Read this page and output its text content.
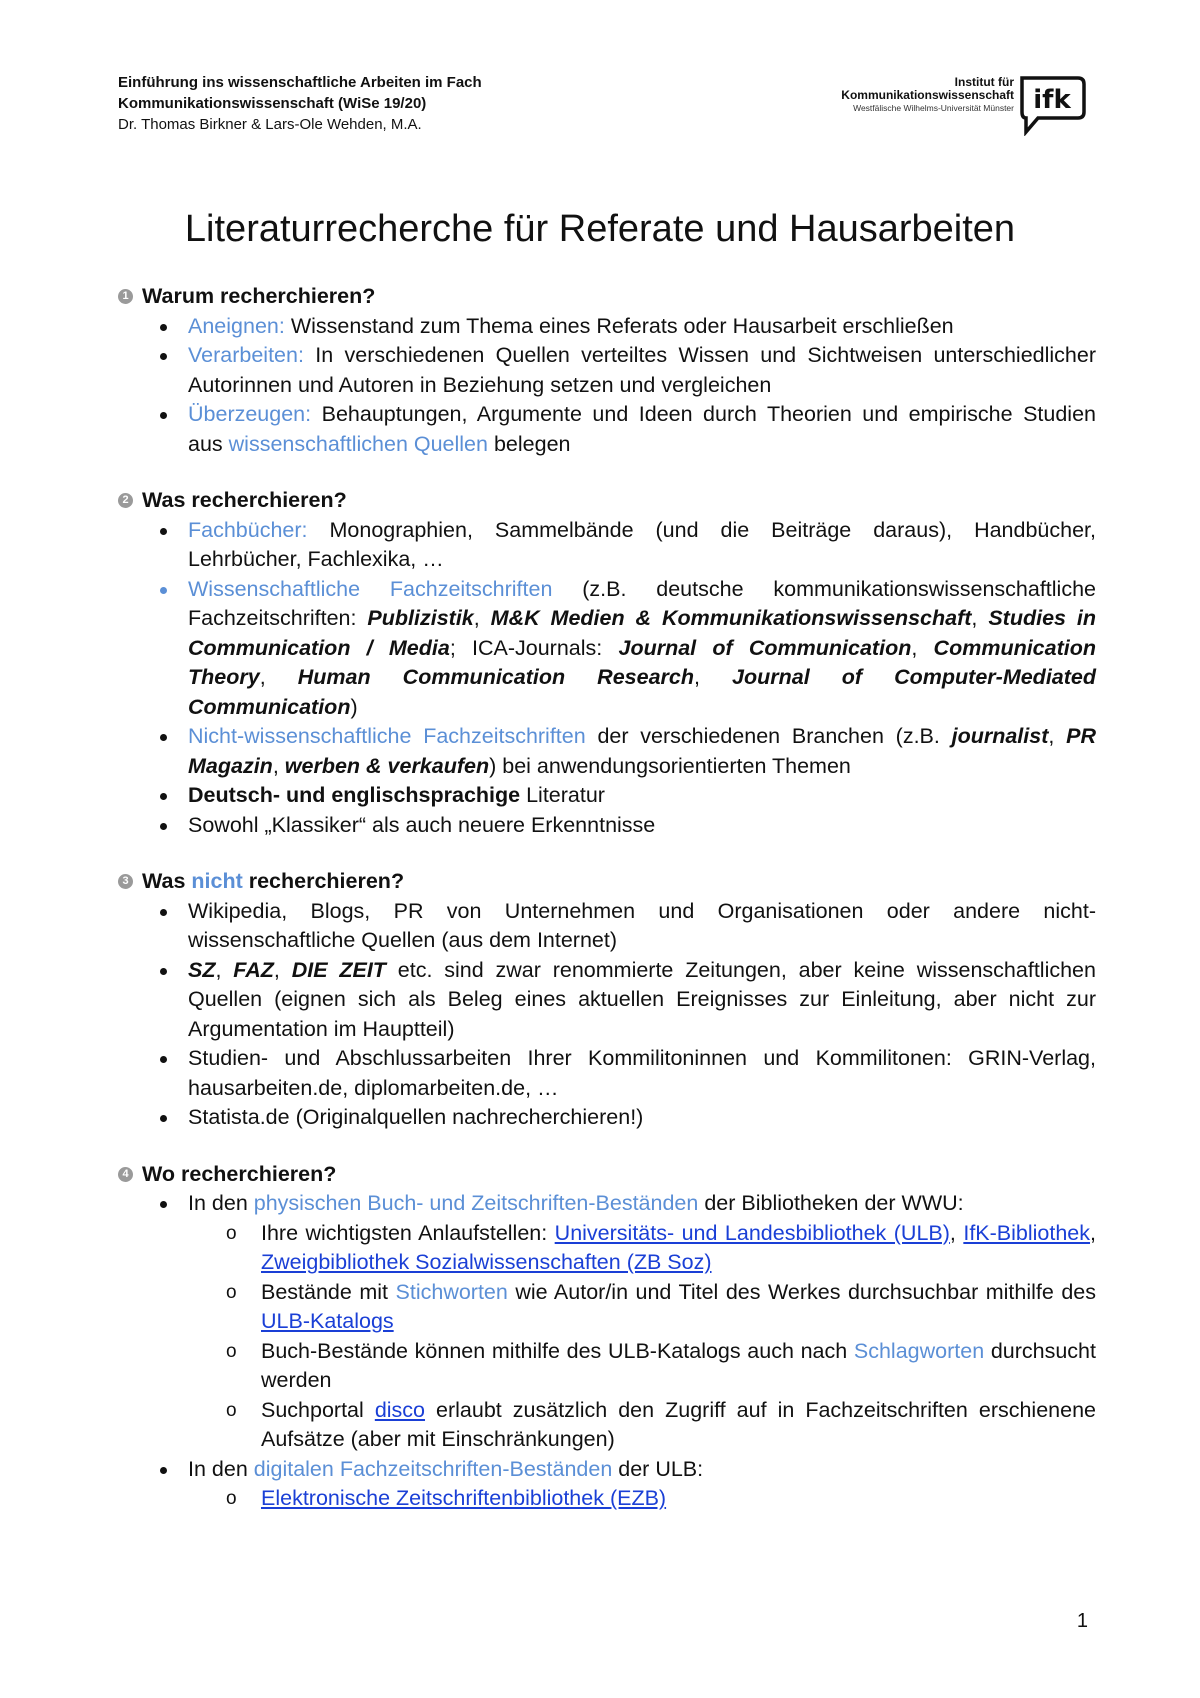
Einführung ins wissenschaftliche Arbeiten im Fach
Kommunikationswissenschaft (WiSe 19/20)
Dr. Thomas Birkner & Lars-Ole Wehden, M.A.
Institut für
Kommunikationswissenschaft
Westfälische Wilhelms-Universität Münster ifk
Literaturrecherche für Referate und Hausarbeiten
1 Warum recherchieren?
Aneignen: Wissenstand zum Thema eines Referats oder Hausarbeit erschließen
Verarbeiten: In verschiedenen Quellen verteiltes Wissen und Sichtweisen unterschiedlicher Autorinnen und Autoren in Beziehung setzen und vergleichen
Überzeugen: Behauptungen, Argumente und Ideen durch Theorien und empirische Studien aus wissenschaftlichen Quellen belegen
2 Was recherchieren?
Fachbücher: Monographien, Sammelbände (und die Beiträge daraus), Handbücher, Lehrbücher, Fachlexika, …
Wissenschaftliche Fachzeitschriften (z.B. deutsche kommunikationswissenschaftliche Fachzeitschriften: Publizistik, M&K Medien & Kommunikationswissenschaft, Studies in Communication / Media; ICA-Journals: Journal of Communication, Communication Theory, Human Communication Research, Journal of Computer-Mediated Communication)
Nicht-wissenschaftliche Fachzeitschriften der verschiedenen Branchen (z.B. journalist, PR Magazin, werben & verkaufen) bei anwendungsorientierten Themen
Deutsch- und englischsprachige Literatur
Sowohl „Klassiker“ als auch neuere Erkenntnisse
3 Was nicht recherchieren?
Wikipedia, Blogs, PR von Unternehmen und Organisationen oder andere nicht-wissenschaftliche Quellen (aus dem Internet)
SZ, FAZ, DIE ZEIT etc. sind zwar renommierte Zeitungen, aber keine wissenschaftlichen Quellen (eignen sich als Beleg eines aktuellen Ereignisses zur Einleitung, aber nicht zur Argumentation im Hauptteil)
Studien- und Abschlussarbeiten Ihrer Kommilitoninnen und Kommilitonen: GRIN-Verlag, hausarbeiten.de, diplomarbeiten.de, …
Statista.de (Originalquellen nachrecherchieren!)
4 Wo recherchieren?
In den physischen Buch- und Zeitschriften-Beständen der Bibliotheken der WWU:
o Ihre wichtigsten Anlaufstellen: Universitäts- und Landesbibliothek (ULB), IfK-Bibliothek, Zweigbibliothek Sozialwissenschaften (ZB Soz)
o Bestände mit Stichworten wie Autor/in und Titel des Werkes durchsuchbar mithilfe des ULB-Katalogs
o Buch-Bestände können mithilfe des ULB-Katalogs auch nach Schlagworten durchsucht werden
o Suchportal disco erlaubt zusätzlich den Zugriff auf in Fachzeitschriften erschienene Aufsätze (aber mit Einschränkungen)
In den digitalen Fachzeitschriften-Beständen der ULB:
o Elektronische Zeitschriftenbibliothek (EZB)
1
